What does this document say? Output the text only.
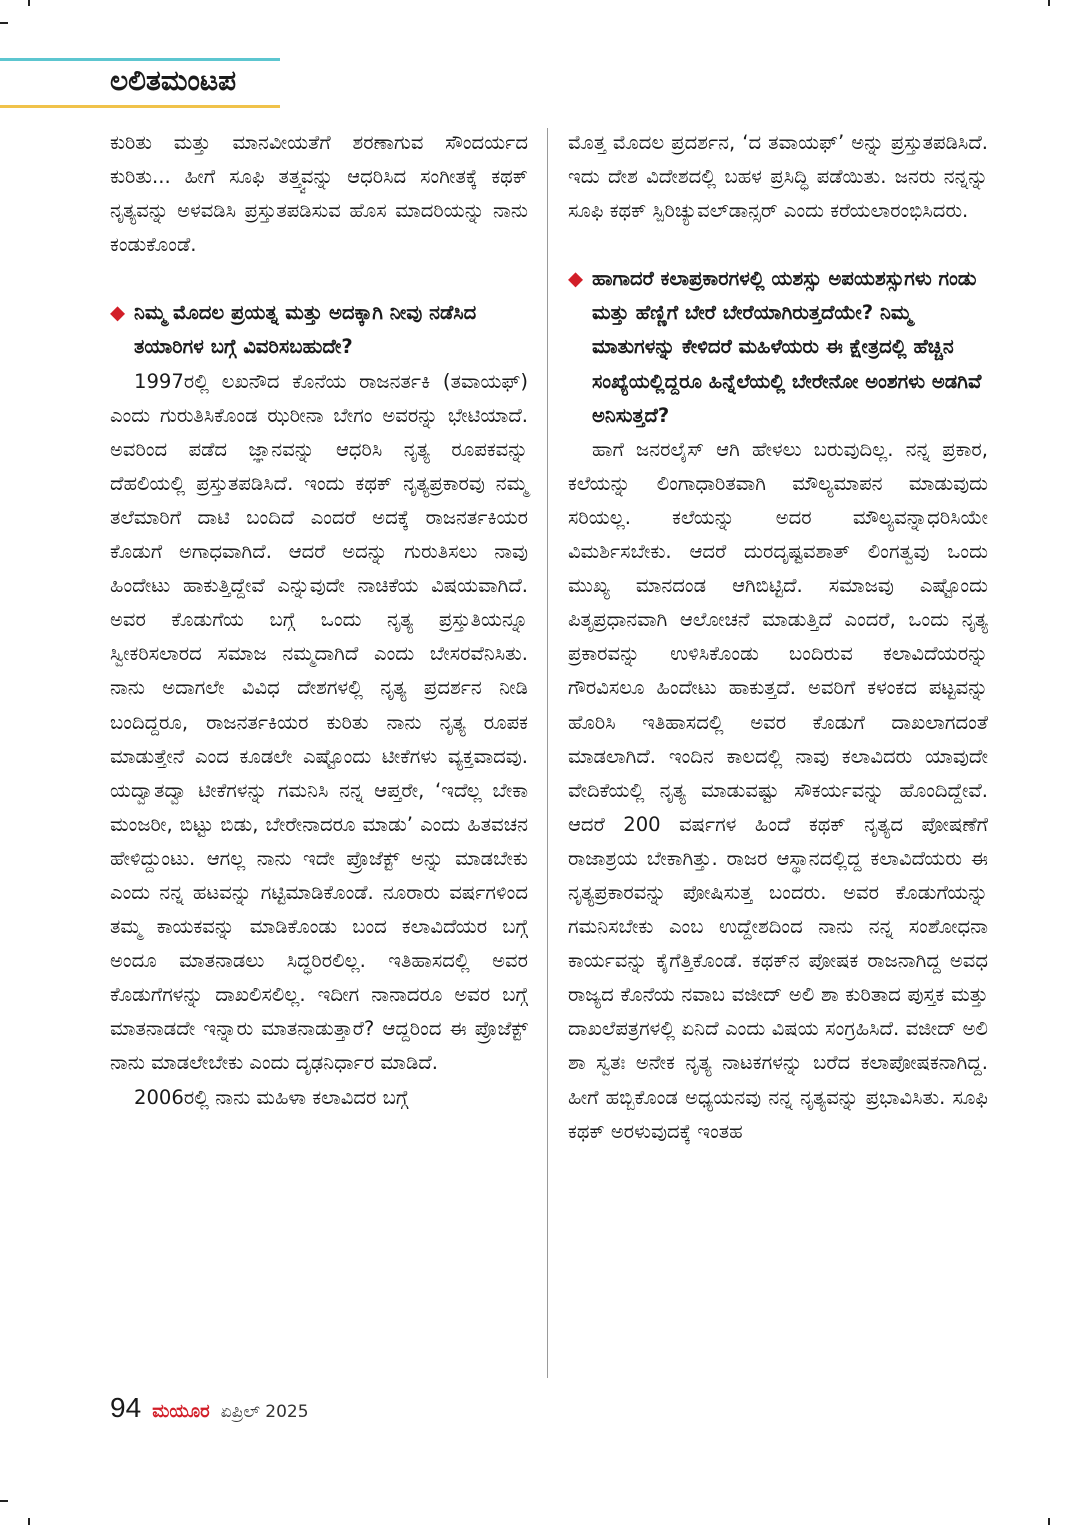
ಲಲಿತಮಂಟಪ

ಕುರಿತು ಮತ್ತು ಮಾನವೀಯತೆಗೆ ಶರಣಾಗುವ ಸೌಂದರ್ಯದ ಕುರಿತು... ಹೀಗೆ ಸೂಫಿ ತತ್ತ್ವವನ್ನು ಆಧರಿಸಿದ ಸಂಗೀತಕ್ಕೆ ಕಥಕ್ ನೃತ್ಯವನ್ನು ಅಳವಡಿಸಿ ಪ್ರಸ್ತುತಪಡಿಸುವ ಹೊಸ ಮಾದರಿಯನ್ನು ನಾನು ಕಂಡುಕೊಂಡೆ.

◆ ನಿಮ್ಮ ಮೊದಲ ಪ್ರಯತ್ನ ಮತ್ತು ಅದಕ್ಕಾಗಿ ನೀವು ನಡೆಸಿದ ತಯಾರಿಗಳ ಬಗ್ಗೆ ವಿವರಿಸಬಹುದೇ?

1997ರಲ್ಲಿ ಲಖನೌದ ಕೊನೆಯ ರಾಜನರ್ತಕಿ (ತವಾಯಫ್) ಎಂದು ಗುರುತಿಸಿಕೊಂಡ ಝರೀನಾ ಬೇಗಂ ಅವರನ್ನು ಭೇಟಿಯಾದೆ. ಅವರಿಂದ ಪಡೆದ ಜ್ಞಾನವನ್ನು ಆಧರಿಸಿ ನೃತ್ಯ ರೂಪಕವನ್ನು ದೆಹಲಿಯಲ್ಲಿ ಪ್ರಸ್ತುತಪಡಿಸಿದೆ. ಇಂದು ಕಥಕ್ ನೃತ್ಯಪ್ರಕಾರವು ನಮ್ಮ ತಲೆಮಾರಿಗೆ ದಾಟಿ ಬಂದಿದೆ ಎಂದರೆ ಅದಕ್ಕೆ ರಾಜನರ್ತಕಿಯರ ಕೊಡುಗೆ ಅಗಾಧವಾಗಿದೆ. ಆದರೆ ಅದನ್ನು ಗುರುತಿಸಲು ನಾವು ಹಿಂದೇಟು ಹಾಕುತ್ತಿದ್ದೇವೆ ಎನ್ನುವುದೇ ನಾಚಿಕೆಯ ವಿಷಯವಾಗಿದೆ. ಅವರ ಕೊಡುಗೆಯ ಬಗ್ಗೆ ಒಂದು ನೃತ್ಯ ಪ್ರಸ್ತುತಿಯನ್ನೂ ಸ್ವೀಕರಿಸಲಾರದ ಸಮಾಜ ನಮ್ಮದಾಗಿದೆ ಎಂದು ಬೇಸರವೆನಿಸಿತು. ನಾನು ಅದಾಗಲೇ ವಿವಿಧ ದೇಶಗಳಲ್ಲಿ ನೃತ್ಯ ಪ್ರದರ್ಶನ ನೀಡಿ ಬಂದಿದ್ದರೂ, ರಾಜನರ್ತಕಿಯರ ಕುರಿತು ನಾನು ನೃತ್ಯ ರೂಪಕ ಮಾಡುತ್ತೇನೆ ಎಂದ ಕೂಡಲೇ ಎಷ್ಟೊಂದು ಟೀಕೆಗಳು ವ್ಯಕ್ತವಾದವು. ಯದ್ವಾತದ್ವಾ ಟೀಕೆಗಳನ್ನು ಗಮನಿಸಿ ನನ್ನ ಆಪ್ತರೇ, ‘ಇದೆಲ್ಲ ಬೇಕಾ ಮಂಜರೀ, ಬಿಟ್ಟು ಬಿಡು, ಬೇರೇನಾದರೂ ಮಾಡು’ ಎಂದು ಹಿತವಚನ ಹೇಳಿದ್ದುಂಟು. ಆಗಲ್ಲ ನಾನು ಇದೇ ಪ್ರೊಜೆಕ್ಟ್ ಅನ್ನು ಮಾಡಬೇಕು ಎಂದು ನನ್ನ ಹಟವನ್ನು ಗಟ್ಟಿಮಾಡಿಕೊಂಡೆ. ನೂರಾರು ವರ್ಷಗಳಿಂದ ತಮ್ಮ ಕಾಯಕವನ್ನು ಮಾಡಿಕೊಂಡು ಬಂದ ಕಲಾವಿದೆಯರ ಬಗ್ಗೆ ಅಂದೂ ಮಾತನಾಡಲು ಸಿದ್ಧರಿರಲಿಲ್ಲ. ಇತಿಹಾಸದಲ್ಲಿ ಅವರ ಕೊಡುಗೆಗಳನ್ನು ದಾಖಲಿಸಲಿಲ್ಲ. ಇದೀಗ ನಾನಾದರೂ ಅವರ ಬಗ್ಗೆ ಮಾತನಾಡದೇ ಇನ್ನಾರು ಮಾತನಾಡುತ್ತಾರೆ? ಆದ್ದರಿಂದ ಈ ಪ್ರೊಜೆಕ್ಟ್ ನಾನು ಮಾಡಲೇಬೇಕು ಎಂದು ದೃಢನಿರ್ಧಾರ ಮಾಡಿದೆ.

2006ರಲ್ಲಿ ನಾನು ಮಹಿಳಾ ಕಲಾವಿದರ ಬಗ್ಗೆ

ಮೊತ್ತ ಮೊದಲ ಪ್ರದರ್ಶನ, ‘ದ ತವಾಯಫ್’ ಅನ್ನು ಪ್ರಸ್ತುತಪಡಿಸಿದೆ. ಇದು ದೇಶ ವಿದೇಶದಲ್ಲಿ ಬಹಳ ಪ್ರಸಿದ್ಧಿ ಪಡೆಯಿತು. ಜನರು ನನ್ನನ್ನು ಸೂಫಿ ಕಥಕ್ ಸ್ಪಿರಿಚ್ಯುವಲ್‌ಡಾನ್ಸರ್ ಎಂದು ಕರೆಯಲಾರಂಭಿಸಿದರು.

◆ ಹಾಗಾದರೆ ಕಲಾಪ್ರಕಾರಗಳಲ್ಲಿ ಯಶಸ್ಸು ಅಪಯಶಸ್ಸುಗಳು ಗಂಡು ಮತ್ತು ಹೆಣ್ಣಿಗೆ ಬೇರೆ ಬೇರೆಯಾಗಿರುತ್ತದೆಯೇ? ನಿಮ್ಮ ಮಾತುಗಳನ್ನು ಕೇಳಿದರೆ ಮಹಿಳೆಯರು ಈ ಕ್ಷೇತ್ರದಲ್ಲಿ ಹೆಚ್ಚಿನ ಸಂಖ್ಯೆಯಲ್ಲಿದ್ದರೂ ಹಿನ್ನೆಲೆಯಲ್ಲಿ ಬೇರೇನೋ ಅಂಶಗಳು ಅಡಗಿವೆ ಅನಿಸುತ್ತದೆ?

ಹಾಗೆ ಜನರಲೈಸ್ ಆಗಿ ಹೇಳಲು ಬರುವುದಿಲ್ಲ. ನನ್ನ ಪ್ರಕಾರ, ಕಲೆಯನ್ನು ಲಿಂಗಾಧಾರಿತವಾಗಿ ಮೌಲ್ಯಮಾಪನ ಮಾಡುವುದು ಸರಿಯಲ್ಲ. ಕಲೆಯನ್ನು ಅದರ ಮೌಲ್ಯವನ್ನಾಧರಿಸಿಯೇ ವಿಮರ್ಶಿಸಬೇಕು. ಆದರೆ ದುರದೃಷ್ಟವಶಾತ್ ಲಿಂಗತ್ವವು ಒಂದು ಮುಖ್ಯ ಮಾನದಂಡ ಆಗಿಬಿಟ್ಟಿದೆ. ಸಮಾಜವು ಎಷ್ಟೊಂದು ಪಿತೃಪ್ರಧಾನವಾಗಿ ಆಲೋಚನೆ ಮಾಡುತ್ತಿದೆ ಎಂದರೆ, ಒಂದು ನೃತ್ಯ ಪ್ರಕಾರವನ್ನು ಉಳಿಸಿಕೊಂಡು ಬಂದಿರುವ ಕಲಾವಿದೆಯರನ್ನು ಗೌರವಿಸಲೂ ಹಿಂದೇಟು ಹಾಕುತ್ತದೆ. ಅವರಿಗೆ ಕಳಂಕದ ಪಟ್ಟವನ್ನು ಹೊರಿಸಿ ಇತಿಹಾಸದಲ್ಲಿ ಅವರ ಕೊಡುಗೆ ದಾಖಲಾಗದಂತೆ ಮಾಡಲಾಗಿದೆ. ಇಂದಿನ ಕಾಲದಲ್ಲಿ ನಾವು ಕಲಾವಿದರು ಯಾವುದೇ ವೇದಿಕೆಯಲ್ಲಿ ನೃತ್ಯ ಮಾಡುವಷ್ಟು ಸೌಕರ್ಯವನ್ನು ಹೊಂದಿದ್ದೇವೆ. ಆದರೆ 200 ವರ್ಷಗಳ ಹಿಂದೆ ಕಥಕ್ ನೃತ್ಯದ ಪೋಷಣೆಗೆ ರಾಜಾಶ್ರಯ ಬೇಕಾಗಿತ್ತು. ರಾಜರ ಆಸ್ಥಾನದಲ್ಲಿದ್ದ ಕಲಾವಿದೆಯರು ಈ ನೃತ್ಯಪ್ರಕಾರವನ್ನು ಪೋಷಿಸುತ್ತ ಬಂದರು. ಅವರ ಕೊಡುಗೆಯನ್ನು ಗಮನಿಸಬೇಕು ಎಂಬ ಉದ್ದೇಶದಿಂದ ನಾನು ನನ್ನ ಸಂಶೋಧನಾ ಕಾರ್ಯವನ್ನು ಕೈಗೆತ್ತಿಕೊಂಡೆ. ಕಥಕ್‌ನ ಪೋಷಕ ರಾಜನಾಗಿದ್ದ ಅವಧ ರಾಜ್ಯದ ಕೊನೆಯ ನವಾಬ ವಜೀದ್ ಅಲಿ ಶಾ ಕುರಿತಾದ ಪುಸ್ತಕ ಮತ್ತು ದಾಖಲೆಪತ್ರಗಳಲ್ಲಿ ಏನಿದೆ ಎಂದು ವಿಷಯ ಸಂಗ್ರಹಿಸಿದೆ. ವಜೀದ್ ಅಲಿ ಶಾ ಸ್ವತಃ ಅನೇಕ ನೃತ್ಯ ನಾಟಕಗಳನ್ನು ಬರೆದ ಕಲಾಪೋಷಕನಾಗಿದ್ದ. ಹೀಗೆ ಹಬ್ಬಿಕೊಂಡ ಅಧ್ಯಯನವು ನನ್ನ ನೃತ್ಯವನ್ನು ಪ್ರಭಾವಿಸಿತು. ಸೂಫಿ ಕಥಕ್ ಅರಳುವುದಕ್ಕೆ ಇಂತಹ

94 ಮಯೂರ ಏಪ್ರಿಲ್ 2025
